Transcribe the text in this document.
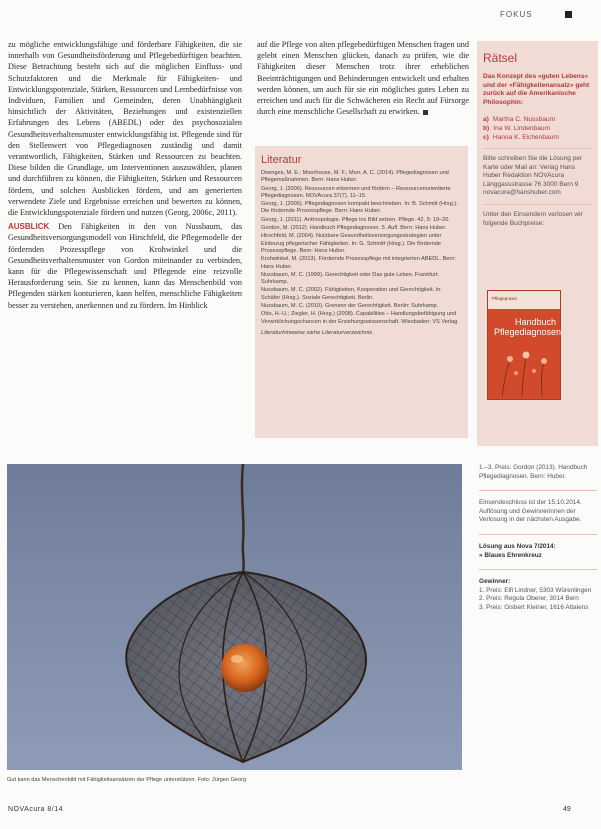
FOKUS

zu mögliche entwicklungsfähige und förderbare Fähigkeiten, die sie innerhalb von Gesundheitsförderung und Pflegebedürftigen beachten. Diese Betrachtung besteht sich auf die möglichen Einfluss- und Schutzfaktoren und die Merkmale für Fähigkeiten- und Entwicklungspotenziale, Stärken, Ressourcen und Lernbedürfnisse von Individuen, Familien und Gemeinden, deren Unabhängigkeit hinsichtlich der Aktivitäten, Beziehungen und existenziellen Erfahrungen des Lebens (ABEDL) oder des psychosozialen Gesundheitsverhaltensmuster entwicklungsfähig ist. Pflegende sind für den Stellenwert von Pflegediagnosen zuständig und damit verantwortlich, Fähigkeiten, Stärken und Ressourcen zu beachten. Diese bilden die Grundlage, um Interventionen auszuwählen, planen und durchführen zu können, die Fähigkeiten, Stärken und Ressourcen fördern, und solchen Ausblicken fördern, und am generierten verwendete Ziele und Ergebnisse erreichen und bewerten zu können, die Entwicklungspotenziale fördern und nutzen (Georg, 2006c, 2011).

AUSBLICK Den Fähigkeiten in den von Nussbaum, das Gesundheitsversorgungsmodell von Hirschfeld, die Pflegemodelle der fördernden Prozesspflege von Krohwinkel und die Gesundheitsverhaltensmuster von Gordon miteinander zu verbinden, kann für die Pflegewissenschaft und Pflegende eine reizvolle Herausforderung sein. Sie zu kennen, kann das Menschenbild von Pflegenden stärken konturieren, kann helfen, menschliche Fähigkeiten besser zu verstehen, anerkennen und zu fördern. Im Hinblick

auf die Pflege von alten pflegebedürftigen Menschen fragen und gelebt einen Menschen glücken, danach zu prüfen, wie die Fähigkeiten dieser Menschen trotz ihrer erheblichen Beeinträchtigungen und Behinderungen entwickelt und erhalten werden können, um auch für sie ein mögliches gutes Leben zu erreichen und auch für die Schwächeren ein Recht auf Fürsorge durch eine menschliche Gesellschaft zu erwirken.

Literatur

Doenges, M. E.; Moorhouse, M. F.; Murr, A. C. (2014). Pflegediagnosen und Pflegemaßnahmen. Bern: Hans Huber.

Georg, J. (2006). Ressourcen erkennen und fördern – Ressourcenorientierte Pflegediagnosen. NOVAcura 37(7), 11–15.

Georg, J. (2006). Pflegediagnosen kompakt beschrieben. In: B. Schmitt (Hrsg.). Die fördernde Prozesspflege. Bern: Hans Huber.

Georg, J. (2011). Anthropologie. Pflege ins Bild setzen. Pflege. 42, 5: 19–20.

Gordon, M. (2012). Handbuch Pflegediagnosen. 5. Aufl. Bern: Hans Huber.

Hirschfeld, M. (2004). Nutzbare Gesundheitsversorgungsstrategien unter Einbezug pflegerischer Fähigkeiten. In: G. Schmitt (Hrsg.). Die fördernde Prozesspflege. Bern: Hans Huber.

Krohwinkel, M. (2013). Fördernde Prozesspflege mit integrierten ABEDL. Bern: Hans Huber.

Nussbaum, M. C. (1999). Gerechtigkeit oder Das gute Leben. Frankfurt: Suhrkamp.

Nussbaum, M. C. (2002). Fähigkeiten, Kooperation und Gerechtigkeit. In: Schäfer (Hrsg.). Soziale Gerechtigkeit. Berlin.

Nussbaum, M. C. (2010). Grenzen der Gerechtigkeit. Berlin: Suhrkamp.

Otto, H.-U.; Ziegler, H. (Hrsg.) (2008). Capabilities – Handlungsbefähigung und Verwirklichungschancen in der Erziehungswissenschaft. Wiesbaden: VS Verlag.

Literaturhinweise siehe Literaturverzeichnis
Rätsel
Das Konzept des «guten Lebens» und der «Fähigkeitenansatz» geht zurück auf die Amerikanische Philosophin:
a) Martha C. Nussbaum
b) Ina W. Lindenbaum
c) Hanna K. Eichenbaum
Bitte schreiben Sie die Lösung per Karte oder Mail an: Verlag Hans Huber Redaktion NOVAcura Länggassstrasse 76 3000 Bern 9 novacura@hanshuber.com
Unter den Einsendern verlosen wir folgende Buchpreise:
Pflegepraxis
Handbuch
Pflegediagnosen
1.–3. Preis: Gordon (2013). Handbuch Pflegediagnosen. Bern: Huber.
Einsendeschluss ist der 15.10.2014. Auflösung und Gewinnerinnen der Verlosung in der nächsten Ausgabe.
Lösung aus Nova 7/2014:
» Blaues Ehrenkreuz
Gewinner:
1. Preis: Elfi Lindner, 5303 Würenlingen
2. Preis: Regula Oberer, 3014 Bern
3. Preis: Gisbert Kleiner, 1616 Attalens
Gut kann das Menschenbild mit Fähigkeitsansätzen der Pflege unterstützen. Foto: Jürgen Georg
NOVAcura 8/14	49
